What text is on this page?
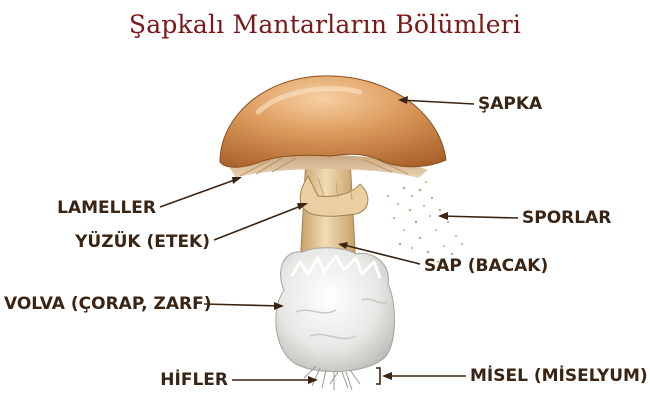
Şapkalı Mantarların Bölümleri
ŞAPKA
LAMELLER	SPORLAR
YÜZÜK (ETEK)
SAP (BACAK)
VOLVA (ÇORAP, ZARF)
HİFLER	MİSEL (MİSELYUM)
